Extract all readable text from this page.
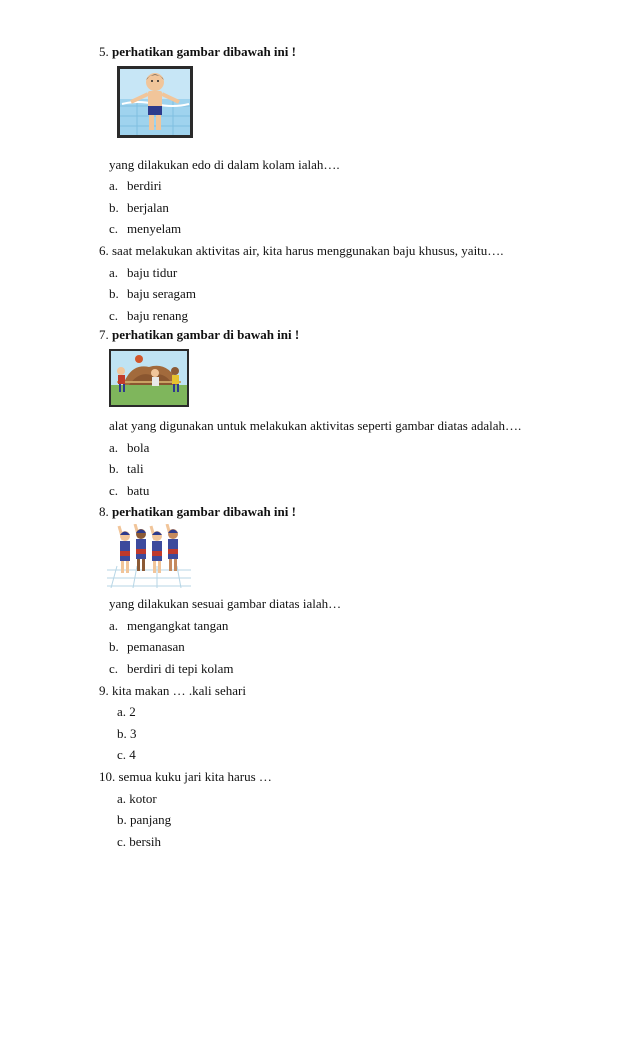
5. perhatikan gambar dibawah ini !
yang dilakukan edo di dalam kolam ialah….
a. berdiri
b. berjalan
c. menyelam
6. saat melakukan aktivitas air, kita harus menggunakan baju khusus, yaitu….
a. baju tidur
b. baju seragam
c. baju renang
7. perhatikan gambar di bawah ini !
alat yang digunakan untuk melakukan aktivitas seperti gambar diatas adalah….
a. bola
b. tali
c. batu
8. perhatikan gambar dibawah ini !
yang dilakukan sesuai gambar diatas ialah…
a. mengangkat tangan
b. pemanasan
c. berdiri di tepi kolam
9. kita makan … .kali sehari
a. 2
b. 3
c. 4
10. semua kuku jari kita harus …
a. kotor
b. panjang
c. bersih
